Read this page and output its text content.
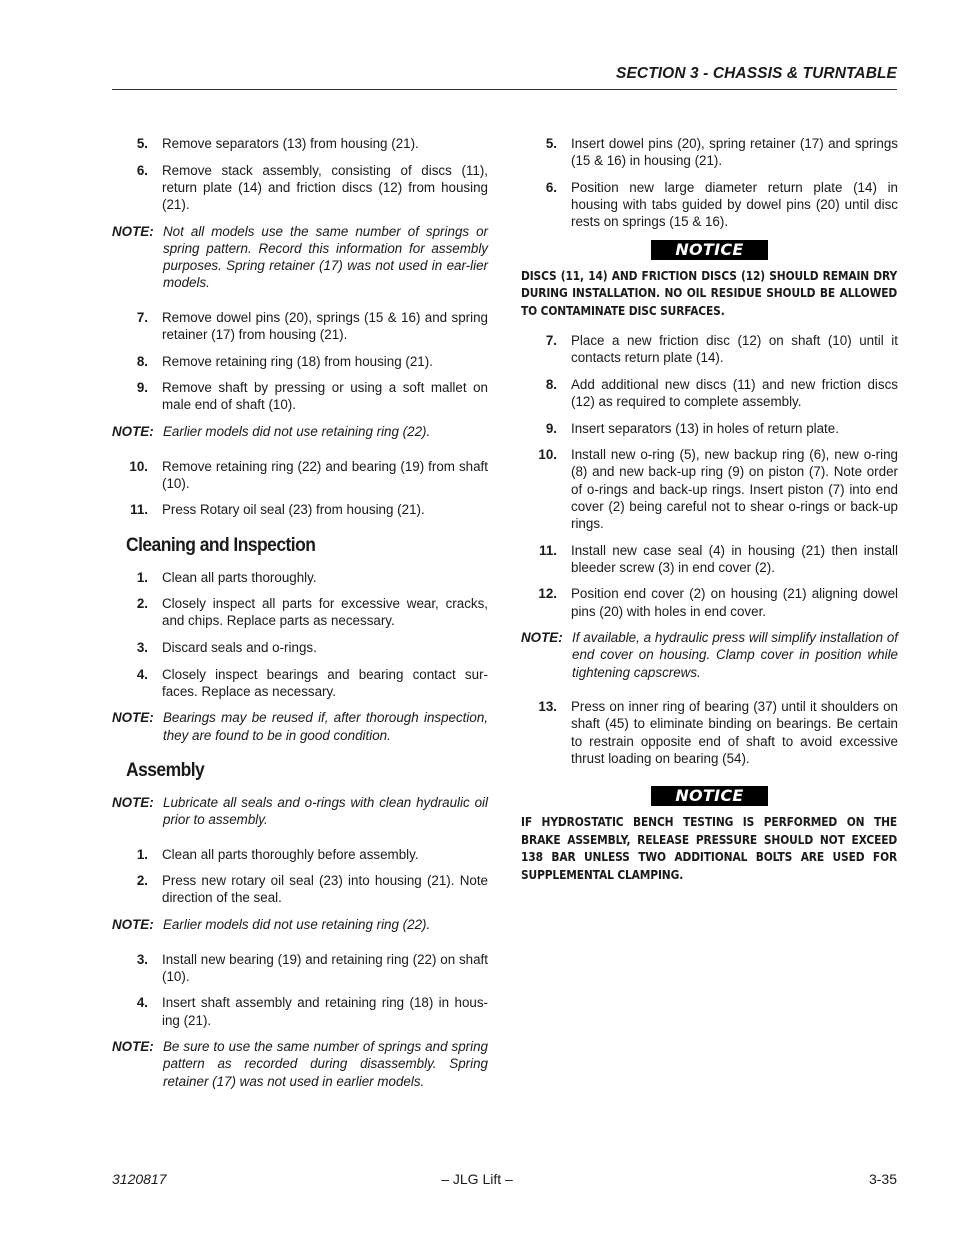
SECTION 3 - CHASSIS & TURNTABLE
5. Remove separators (13) from housing (21).
6. Remove stack assembly, consisting of discs (11), return plate (14) and friction discs (12) from housing (21).
NOTE: Not all models use the same number of springs or spring pattern. Record this information for assembly purposes. Spring retainer (17) was not used in ear-lier models.
7. Remove dowel pins (20), springs (15 & 16) and spring retainer (17) from housing (21).
8. Remove retaining ring (18) from housing (21).
9. Remove shaft by pressing or using a soft mallet on male end of shaft (10).
NOTE: Earlier models did not use retaining ring (22).
10. Remove retaining ring (22) and bearing (19) from shaft (10).
11. Press Rotary oil seal (23) from housing (21).
Cleaning and Inspection
1. Clean all parts thoroughly.
2. Closely inspect all parts for excessive wear, cracks, and chips. Replace parts as necessary.
3. Discard seals and o-rings.
4. Closely inspect bearings and bearing contact sur-faces. Replace as necessary.
NOTE: Bearings may be reused if, after thorough inspection, they are found to be in good condition.
Assembly
NOTE: Lubricate all seals and o-rings with clean hydraulic oil prior to assembly.
1. Clean all parts thoroughly before assembly.
2. Press new rotary oil seal (23) into housing (21). Note direction of the seal.
NOTE: Earlier models did not use retaining ring (22).
3. Install new bearing (19) and retaining ring (22) on shaft (10).
4. Insert shaft assembly and retaining ring (18) in hous-ing (21).
NOTE: Be sure to use the same number of springs and spring pattern as recorded during disassembly. Spring retainer (17) was not used in earlier models.
5. Insert dowel pins (20), spring retainer (17) and springs (15 & 16) in housing (21).
6. Position new large diameter return plate (14) in housing with tabs guided by dowel pins (20) until disc rests on springs (15 & 16).
NOTICE
DISCS (11, 14) AND FRICTION DISCS (12) SHOULD REMAIN DRY DURING INSTALLATION. NO OIL RESIDUE SHOULD BE ALLOWED TO CONTAMINATE DISC SURFACES.
7. Place a new friction disc (12) on shaft (10) until it contacts return plate (14).
8. Add additional new discs (11) and new friction discs (12) as required to complete assembly.
9. Insert separators (13) in holes of return plate.
10. Install new o-ring (5), new backup ring (6), new o-ring (8) and new back-up ring (9) on piston (7). Note order of o-rings and back-up rings. Insert piston (7) into end cover (2) being careful not to shear o-rings or back-up rings.
11. Install new case seal (4) in housing (21) then install bleeder screw (3) in end cover (2).
12. Position end cover (2) on housing (21) aligning dowel pins (20) with holes in end cover.
NOTE: If available, a hydraulic press will simplify installation of end cover on housing. Clamp cover in position while tightening capscrews.
13. Press on inner ring of bearing (37) until it shoulders on shaft (45) to eliminate binding on bearings. Be certain to restrain opposite end of shaft to avoid excessive thrust loading on bearing (54).
NOTICE
IF HYDROSTATIC BENCH TESTING IS PERFORMED ON THE BRAKE ASSEMBLY, RELEASE PRESSURE SHOULD NOT EXCEED 138 BAR UNLESS TWO ADDITIONAL BOLTS ARE USED FOR SUPPLEMENTAL CLAMPING.
3120817	– JLG Lift –	3-35
